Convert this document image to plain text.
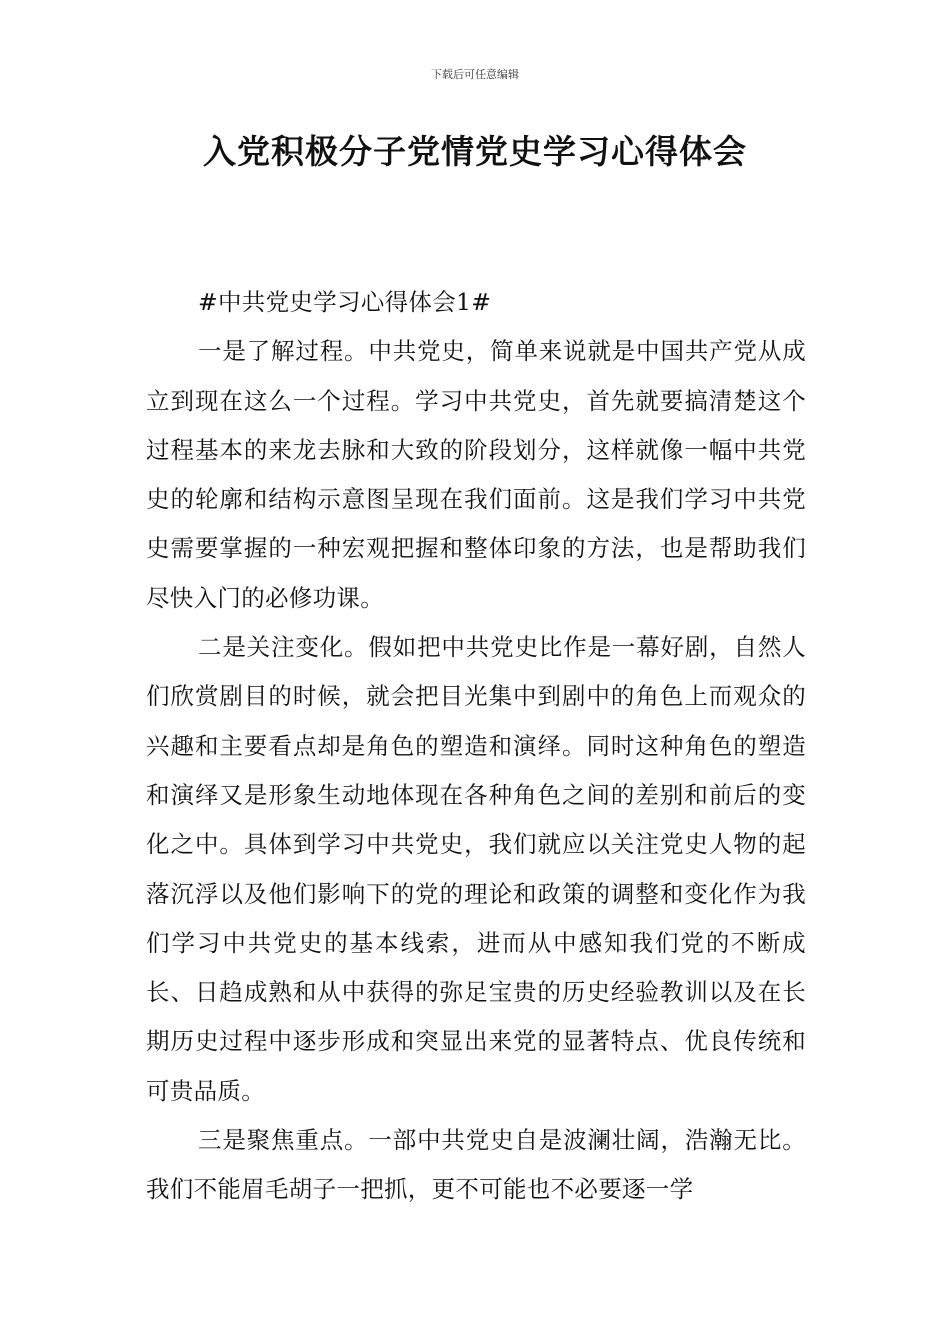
下载后可任意编辑
入党积极分子党情党史学习心得体会

#中共党史学习心得体会1#

一是了解过程。中共党史，简单来说就是中国共产党从成立到现在这么一个过程。学习中共党史，首先就要搞清楚这个过程基本的来龙去脉和大致的阶段划分，这样就像一幅中共党史的轮廓和结构示意图呈现在我们面前。这是我们学习中共党史需要掌握的一种宏观把握和整体印象的方法，也是帮助我们尽快入门的必修功课。

二是关注变化。假如把中共党史比作是一幕好剧，自然人们欣赏剧目的时候，就会把目光集中到剧中的角色上而观众的兴趣和主要看点却是角色的塑造和演绎。同时这种角色的塑造和演绎又是形象生动地体现在各种角色之间的差别和前后的变化之中。具体到学习中共党史，我们就应以关注党史人物的起落沉浮以及他们影响下的党的理论和政策的调整和变化作为我们学习中共党史的基本线索，进而从中感知我们党的不断成长、日趋成熟和从中获得的弥足宝贵的历史经验教训以及在长期历史过程中逐步形成和突显出来党的显著特点、优良传统和可贵品质。

三是聚焦重点。一部中共党史自是波澜壮阔，浩瀚无比。我们不能眉毛胡子一把抓，更不可能也不必要逐一学
